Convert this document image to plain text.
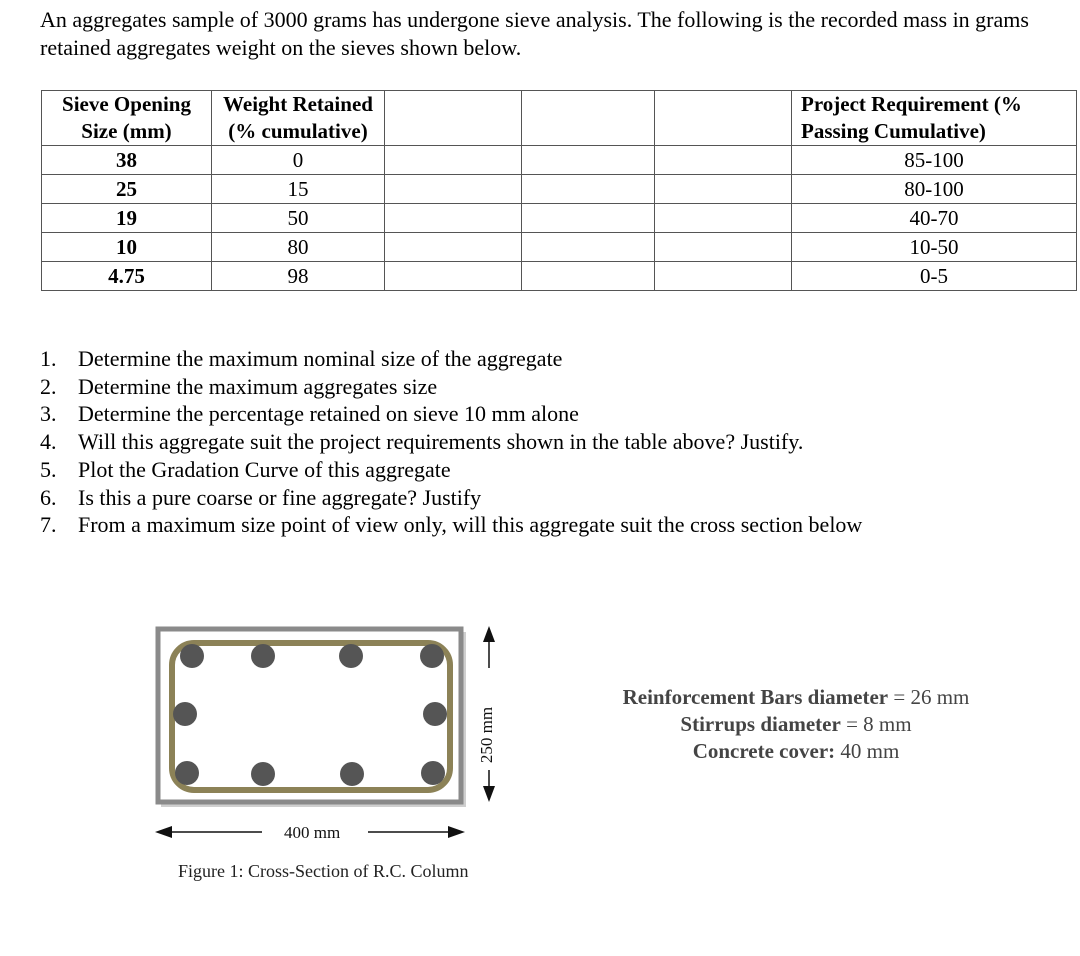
An aggregates sample of 3000 grams has undergone sieve analysis. The following is the recorded mass in grams retained aggregates weight on the sieves shown below.

Sieve Opening Size (mm)	Weight Retained (% cumulative)				Project Requirement (% Passing Cumulative)
38	0				85-100
25	15				80-100
19	50				40-70
10	80				10-50
4.75	98				0-5
1. Determine the maximum nominal size of the aggregate
2. Determine the maximum aggregates size
3. Determine the percentage retained on sieve 10 mm alone
4. Will this aggregate suit the project requirements shown in the table above? Justify.
5. Plot the Gradation Curve of this aggregate
6. Is this a pure coarse or fine aggregate? Justify
7. From a maximum size point of view only, will this aggregate suit the cross section below
250 mm
400 mm
Figure 1: Cross-Section of R.C. Column
Reinforcement Bars diameter = 26 mm
Stirrups diameter = 8 mm
Concrete cover: 40 mm
